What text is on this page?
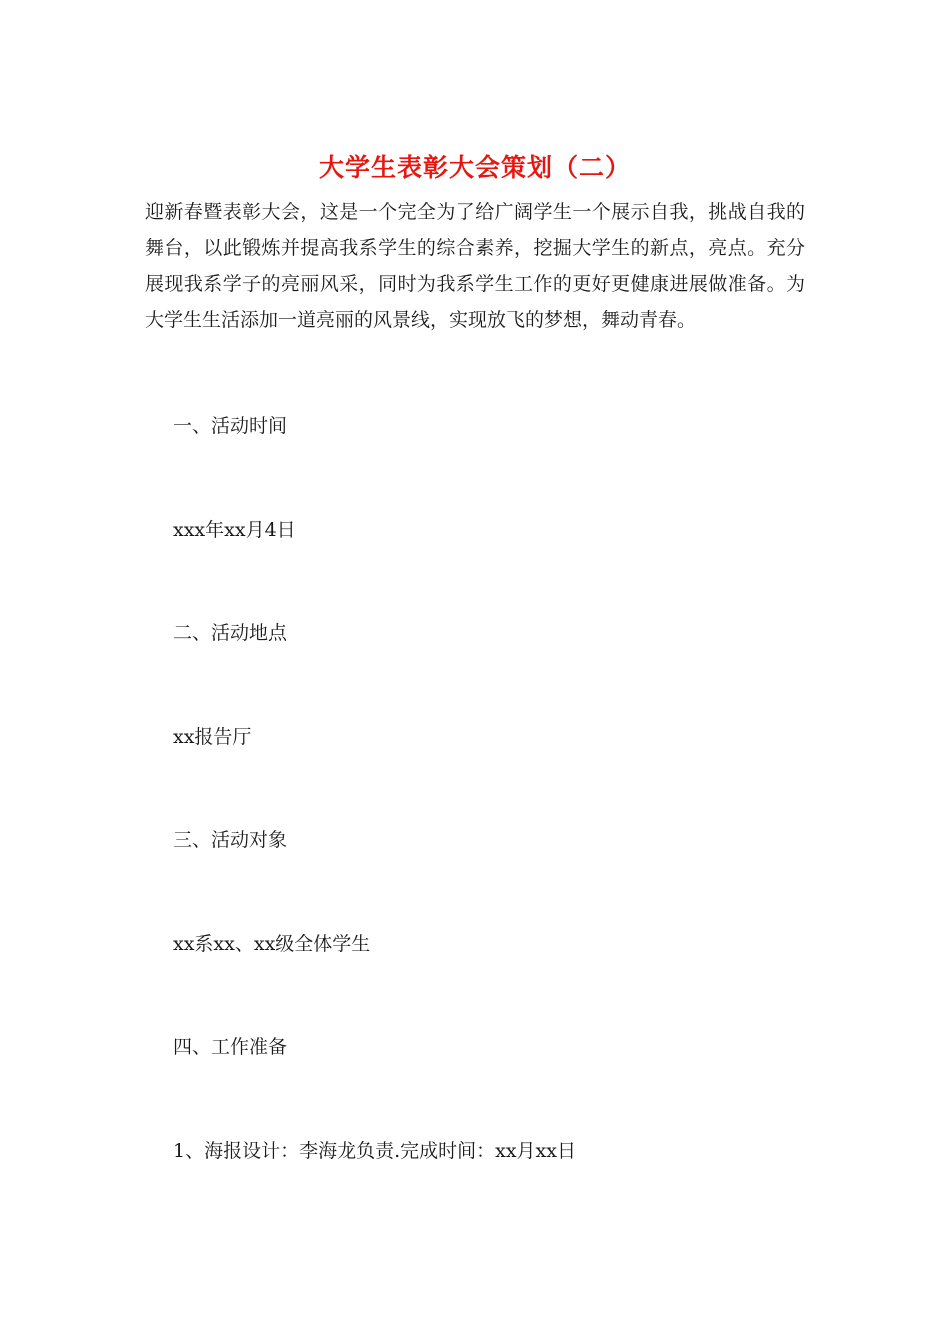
大学生表彰大会策划（二）
迎新春暨表彰大会，这是一个完全为了给广阔学生一个展示自我，挑战自我的舞台，以此锻炼并提高我系学生的综合素养，挖掘大学生的新点，亮点。充分展现我系学子的亮丽风采，同时为我系学生工作的更好更健康进展做准备。为大学生生活添加一道亮丽的风景线，实现放飞的梦想，舞动青春。
一、活动时间
xxx年xx月4日
二、活动地点
xx报告厅
三、活动对象
xx系xx、xx级全体学生
四、工作准备
1、海报设计：李海龙负责.完成时间：xx月xx日
